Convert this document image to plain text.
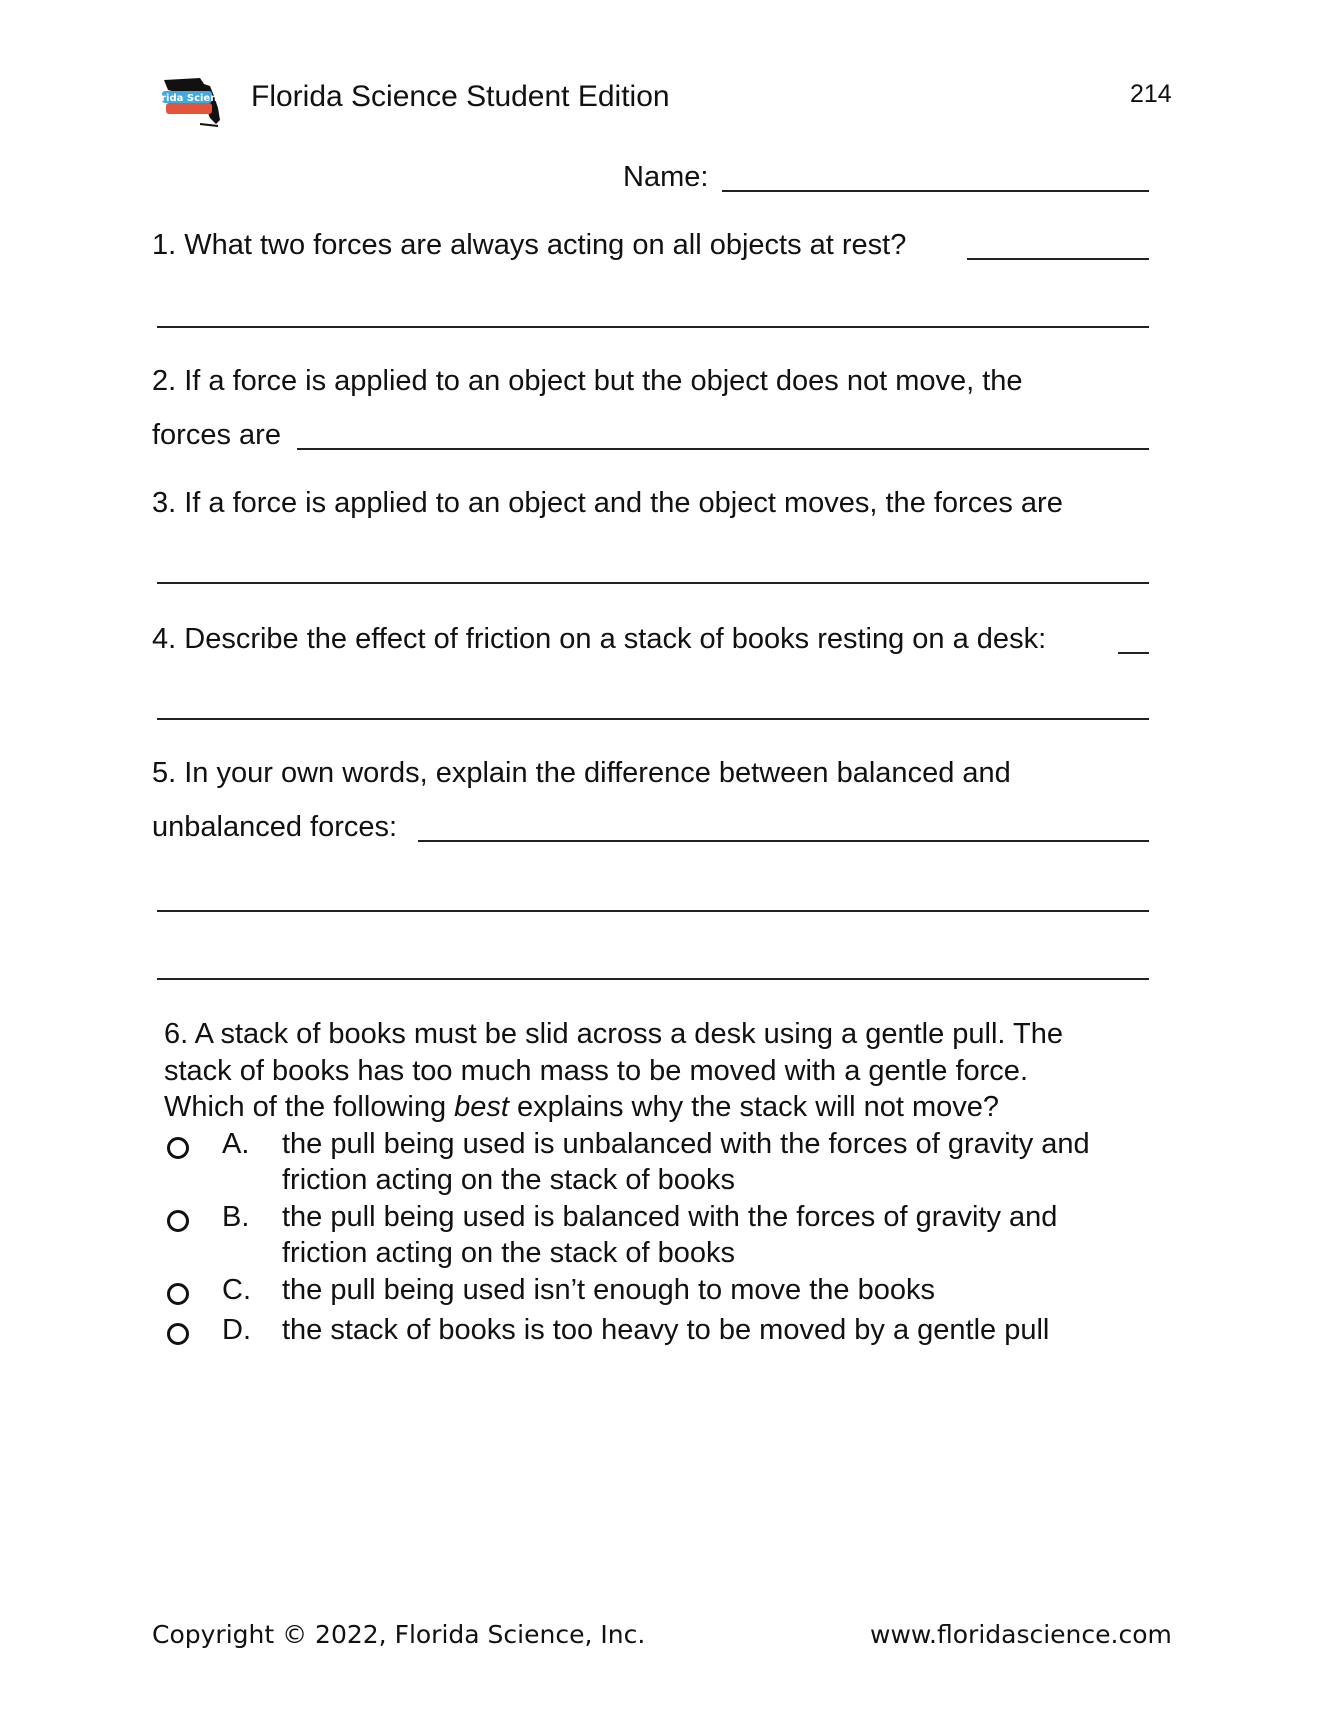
Florida Science Florida Science Student Edition	214
Name:
1. What two forces are always acting on all objects at rest?
2. If a force is applied to an object but the object does not move, the
forces are
3. If a force is applied to an object and the object moves, the forces are
4. Describe the effect of friction on a stack of books resting on a desk:
5. In your own words, explain the difference between balanced and
unbalanced forces:

6. A stack of books must be slid across a desk using a gentle pull. The

stack of books has too much mass to be moved with a gentle force.

Which of the following best explains why the stack will not move?

A. the pull being used is unbalanced with the forces of gravity and
friction acting on the stack of books
B. the pull being used is balanced with the forces of gravity and
friction acting on the stack of books
C. the pull being used isn’t enough to move the books
D. the stack of books is too heavy to be moved by a gentle pull
Copyright © 2022, Florida Science, Inc.	www.floridascience.com
